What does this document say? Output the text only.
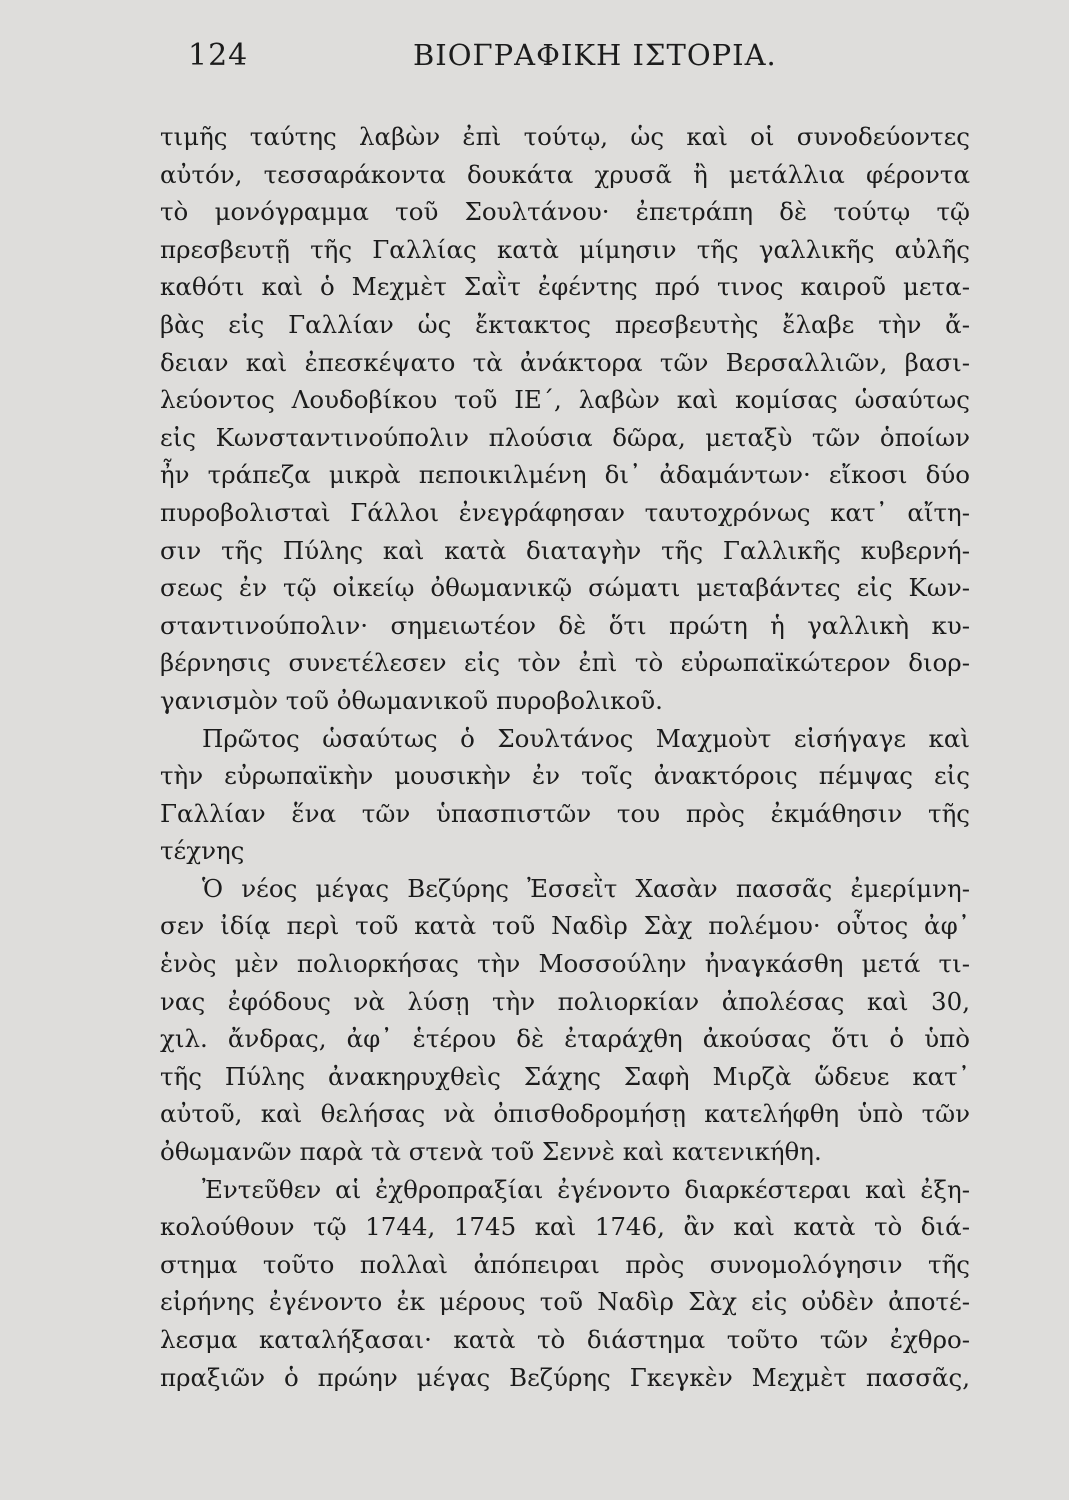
124	ΒΙΟΓΡΑΦΙΚΗ ΙΣΤΟΡΙΑ.
τιμῆς ταύτης λαβὼν ἐπὶ τούτῳ, ὡς καὶ οἱ συνοδεύοντες
αὐτόν, τεσσαράκοντα δουκάτα χρυσᾶ ἢ μετάλλια φέροντα
τὸ μονόγραμμα τοῦ Σουλτάνου· ἐπετράπη δὲ τούτῳ τῷ
πρεσβευτῇ τῆς Γαλλίας κατὰ μίμησιν τῆς γαλλικῆς αὐλῆς
καθότι καὶ ὁ Μεχμὲτ Σαῒτ ἐφέντης πρό τινος καιροῦ μετα-
βὰς εἰς Γαλλίαν ὡς ἔκτακτος πρεσβευτὴς ἔλαβε τὴν ἄ-
δειαν καὶ ἐπεσκέψατο τὰ ἀνάκτορα τῶν Βερσαλλιῶν, βασι-
λεύοντος Λουδοβίκου τοῦ ΙΕ΄, λαβὼν καὶ κομίσας ὡσαύτως
εἰς Κωνσταντινούπολιν πλούσια δῶρα, μεταξὺ τῶν ὁποίων
ἦν τράπεζα μικρὰ πεποικιλμένη δι᾽ ἀδαμάντων· εἴκοσι δύο
πυροβολισταὶ Γάλλοι ἐνεγράφησαν ταυτοχρόνως κατ᾽ αἴτη-
σιν τῆς Πύλης καὶ κατὰ διαταγὴν τῆς Γαλλικῆς κυβερνή-
σεως ἐν τῷ οἰκείῳ ὀθωμανικῷ σώματι μεταβάντες εἰς Κων-
σταντινούπολιν· σημειωτέον δὲ ὅτι πρώτη ἡ γαλλικὴ κυ-
βέρνησις συνετέλεσεν εἰς τὸν ἐπὶ τὸ εὐρωπαϊκώτερον διορ-
γανισμὸν τοῦ ὀθωμανικοῦ πυροβολικοῦ.
Πρῶτος ὡσαύτως ὁ Σουλτάνος Μαχμοὺτ εἰσήγαγε καὶ
τὴν εὐρωπαϊκὴν μουσικὴν ἐν τοῖς ἀνακτόροις πέμψας εἰς
Γαλλίαν ἕνα τῶν ὑπασπιστῶν του πρὸς ἐκμάθησιν τῆς
τέχνης
Ὁ νέος μέγας Βεζύρης Ἐσσεῒτ Χασὰν πασσᾶς ἐμερίμνη-
σεν ἰδίᾳ περὶ τοῦ κατὰ τοῦ Ναδὶρ Σὰχ πολέμου· οὗτος ἀφ᾽
ἑνὸς μὲν πολιορκήσας τὴν Μοσσούλην ἠναγκάσθη μετά τι-
νας ἐφόδους νὰ λύσῃ τὴν πολιορκίαν ἀπολέσας καὶ 30,
χιλ. ἄνδρας, ἀφ᾽ ἑτέρου δὲ ἐταράχθη ἀκούσας ὅτι ὁ ὑπὸ
τῆς Πύλης ἀνακηρυχθεὶς Σάχης Σαφὴ Μιρζὰ ὥδευε κατ᾽
αὐτοῦ, καὶ θελήσας νὰ ὀπισθοδρομήσῃ κατελήφθη ὑπὸ τῶν
ὀθωμανῶν παρὰ τὰ στενὰ τοῦ Σεννὲ καὶ κατενικήθη.
Ἐντεῦθεν αἱ ἐχθροπραξίαι ἐγένοντο διαρκέστεραι καὶ ἐξη-
κολούθουν τῷ 1744, 1745 καὶ 1746, ἂν καὶ κατὰ τὸ διά-
στημα τοῦτο πολλαὶ ἀπόπειραι πρὸς συνομολόγησιν τῆς
εἰρήνης ἐγένοντο ἐκ μέρους τοῦ Ναδὶρ Σὰχ εἰς οὐδὲν ἀποτέ-
λεσμα καταλήξασαι· κατὰ τὸ διάστημα τοῦτο τῶν ἐχθρο-
πραξιῶν ὁ πρώην μέγας Βεζύρης Γκεγκὲν Μεχμὲτ πασσᾶς,
